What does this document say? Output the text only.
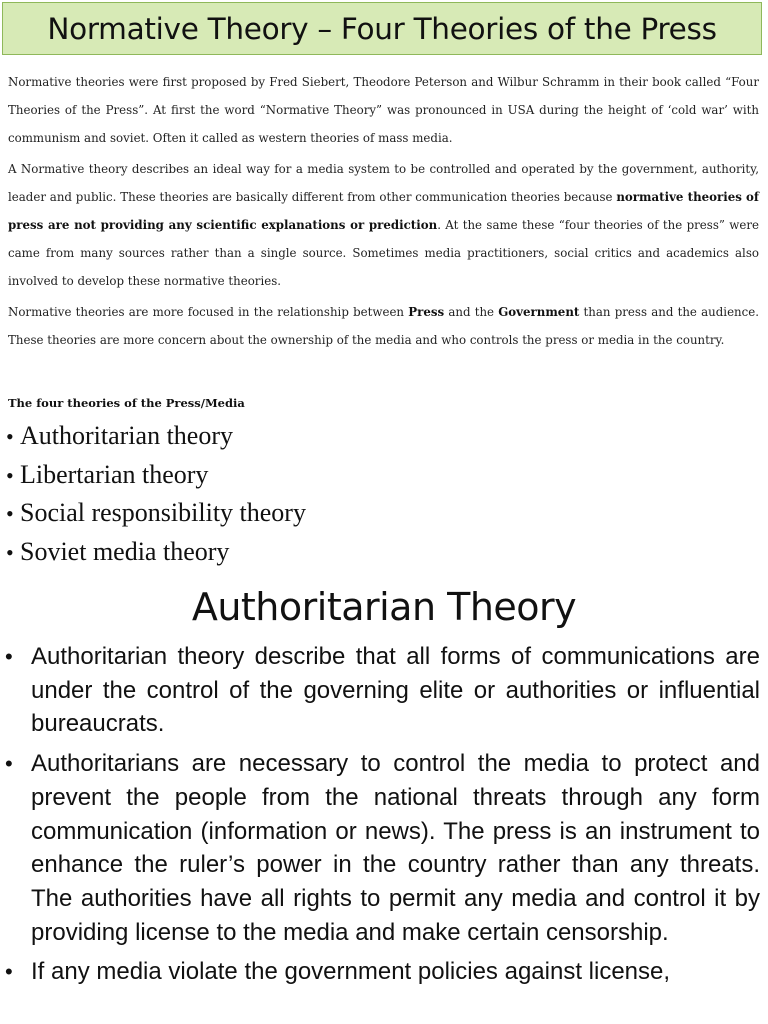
Normative Theory – Four Theories of the Press

Normative theories were first proposed by Fred Siebert, Theodore Peterson and Wilbur Schramm in their book called “Four Theories of the Press”. At first the word “Normative Theory” was pronounced in USA during the height of ‘cold war’ with communism and soviet. Often it called as western theories of mass media.

A Normative theory describes an ideal way for a media system to be controlled and operated by the government, authority, leader and public. These theories are basically different from other communication theories because normative theories of press are not providing any scientific explanations or prediction. At the same these “four theories of the press” were came from many sources rather than a single source. Sometimes media practitioners, social critics and academics also involved to develop these normative theories.

Normative theories are more focused in the relationship between Press and the Government than press and the audience. These theories are more concern about the ownership of the media and who controls the press or media in the country.

The four theories of the Press/Media

• Authoritarian theory
• Libertarian theory
• Social responsibility theory
• Soviet media theory
Authoritarian Theory
• Authoritarian theory describe that all forms of communications are under the control of the governing elite or authorities or influential bureaucrats.
• Authoritarians are necessary to control the media to protect and prevent the people from the national threats through any form communication (information or news). The press is an instrument to enhance the ruler’s power in the country rather than any threats. The authorities have all rights to permit any media and control it by providing license to the media and make certain censorship.
• If any media violate the government policies against license,
